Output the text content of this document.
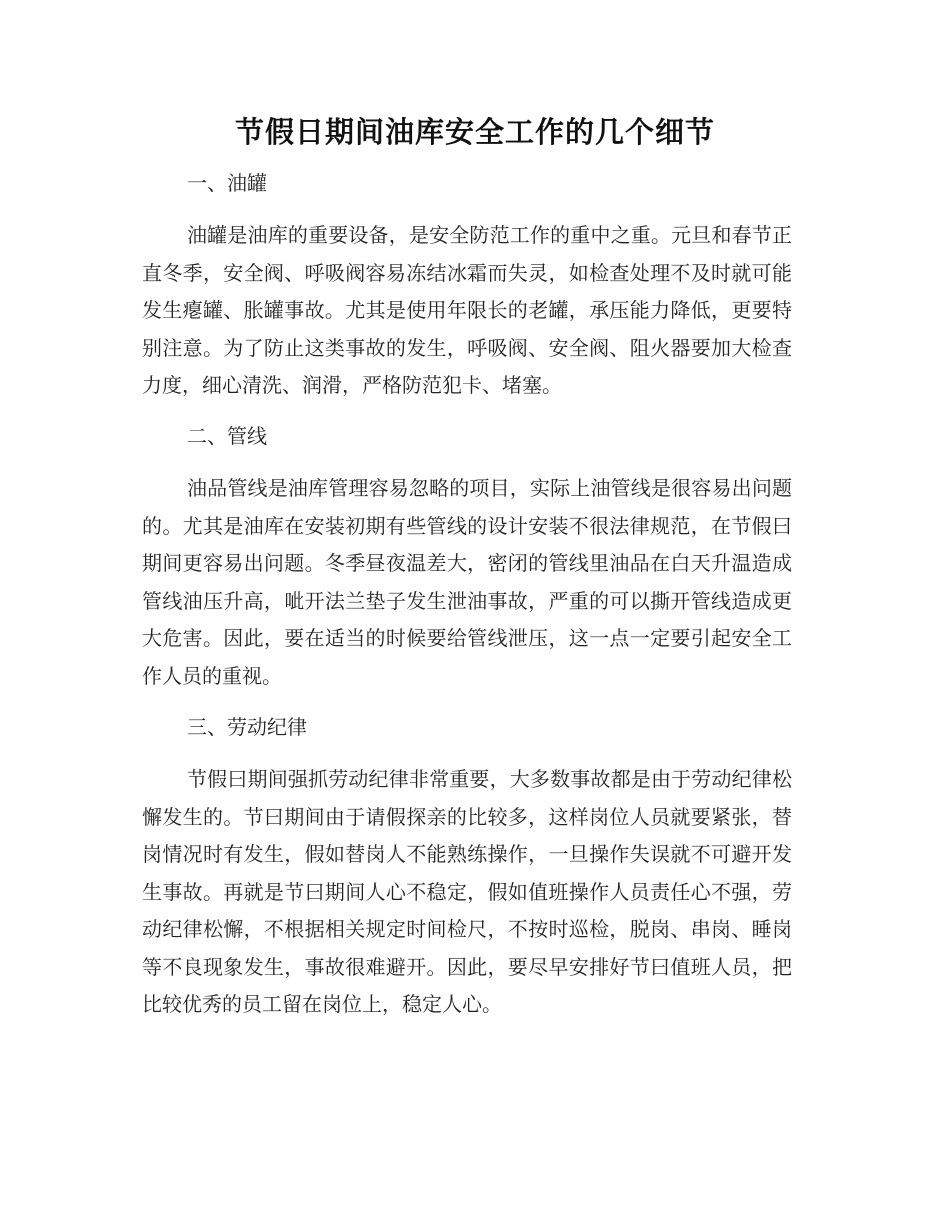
节假日期间油库安全工作的几个细节
一、油罐
油罐是油库的重要设备，是安全防范工作的重中之重。元旦和春节正直冬季，安全阀、呼吸阀容易冻结冰霜而失灵，如检查处理不及时就可能发生瘪罐、胀罐事故。尤其是使用年限长的老罐，承压能力降低，更要特别注意。为了防止这类事故的发生，呼吸阀、安全阀、阻火器要加大检查力度，细心清洗、润滑，严格防范犯卡、堵塞。
二、管线
油品管线是油库管理容易忽略的项目，实际上油管线是很容易出问题的。尤其是油库在安装初期有些管线的设计安装不很法律规范，在节假曰期间更容易出问题。冬季昼夜温差大，密闭的管线里油品在白天升温造成管线油压升高，呲开法兰垫子发生泄油事故，严重的可以撕开管线造成更大危害。因此，要在适当的时候要给管线泄压，这一点一定要引起安全工作人员的重视。
三、劳动纪律
节假曰期间强抓劳动纪律非常重要，大多数事故都是由于劳动纪律松懈发生的。节曰期间由于请假探亲的比较多，这样岗位人员就要紧张，替岗情况时有发生，假如替岗人不能熟练操作，一旦操作失误就不可避开发生事故。再就是节曰期间人心不稳定，假如值班操作人员责任心不强，劳动纪律松懈，不根据相关规定时间检尺，不按时巡检，脱岗、串岗、睡岗等不良现象发生，事故很难避开。因此，要尽早安排好节曰值班人员，把比较优秀的员工留在岗位上，稳定人心。
